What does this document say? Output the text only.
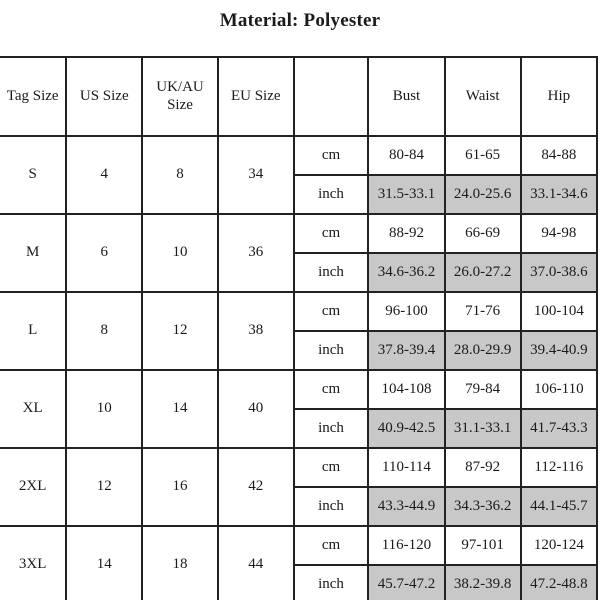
Material: Polyester
Tag Size	US Size	UK/AU Size	EU Size		Bust	Waist	Hip
S	4	8	34	cm	80-84	61-65	84-88
				inch	31.5-33.1	24.0-25.6	33.1-34.6
M	6	10	36	cm	88-92	66-69	94-98
				inch	34.6-36.2	26.0-27.2	37.0-38.6
L	8	12	38	cm	96-100	71-76	100-104
				inch	37.8-39.4	28.0-29.9	39.4-40.9
XL	10	14	40	cm	104-108	79-84	106-110
				inch	40.9-42.5	31.1-33.1	41.7-43.3
2XL	12	16	42	cm	110-114	87-92	112-116
				inch	43.3-44.9	34.3-36.2	44.1-45.7
3XL	14	18	44	cm	116-120	97-101	120-124
				inch	45.7-47.2	38.2-39.8	47.2-48.8
